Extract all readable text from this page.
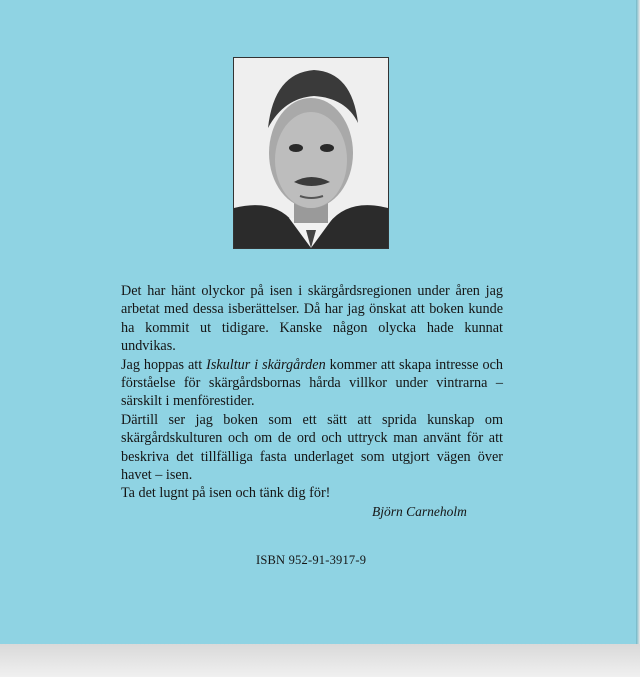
Det har hänt olyckor på isen i skärgårdsregionen under åren jag arbetat med dessa isberättelser. Då har jag önskat att boken kunde ha kommit ut tidigare. Kanske någon olycka hade kunnat undvikas.

Jag hoppas att Iskultur i skärgården kommer att skapa intresse och förståelse för skärgårdsbornas hårda villkor under vintrarna – särskilt i menförestider.

Därtill ser jag boken som ett sätt att sprida kunskap om skärgårdskulturen och om de ord och uttryck man använt för att beskriva det tillfälliga fasta underlaget som utgjort vägen över havet – isen.

Ta det lugnt på isen och tänk dig för!

Björn Carneholm
ISBN 952-91-3917-9
